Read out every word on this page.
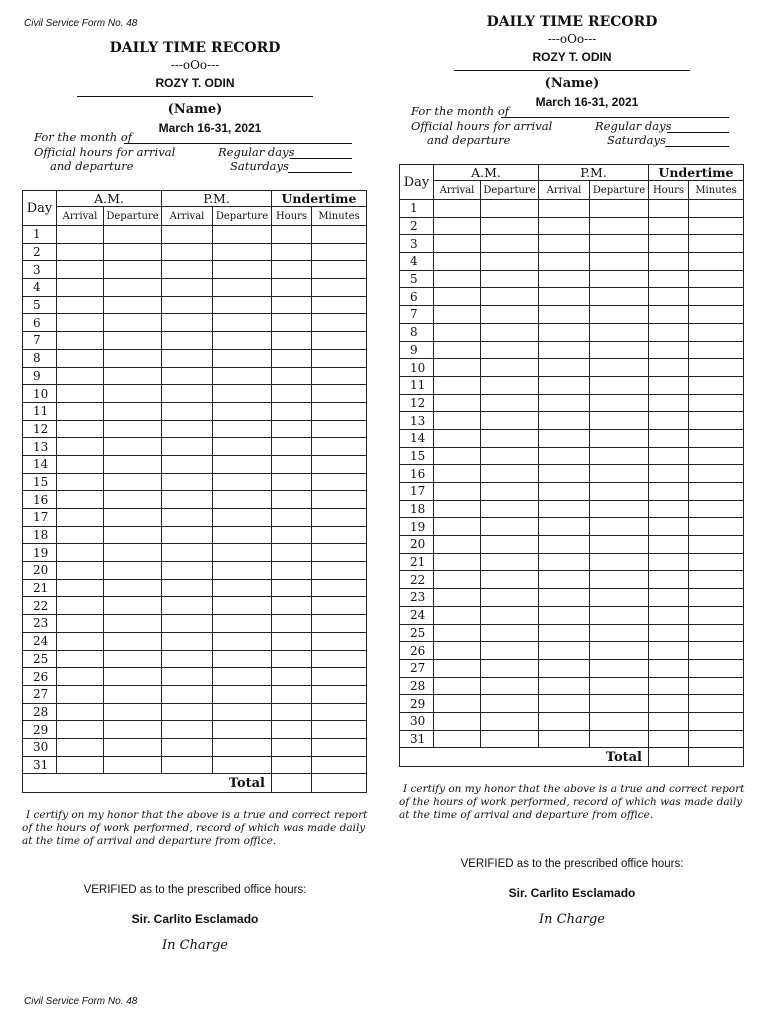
Civil Service Form No. 48
Civil Service Form No. 48
DAILY TIME RECORD
---oOo---
ROZY T. ODIN
(Name)
March 16-31, 2021
For the month of
Official hours for arrival
and departure
Regular days
Saturdays
Day	A.M.		P.M.		Undertime	
	Arrival	Departure	Arrival	Departure	Hours	Minutes
1						
2						
3						
4						
5						
6						
7						
8						
9						
10						
11						
12						
13						
14						
15						
16						
17						
18						
19						
20						
21						
22						
23						
24						
25						
26						
27						
28						
29						
30						
31						
Total						
I certify on my honor that the above is a true and correct report of the hours of work performed, record of which was made daily at the time of arrival and departure from office.
VERIFIED as to the prescribed office hours:
Sir. Carlito Esclamado
In Charge
DAILY TIME RECORD
---oOo---
ROZY T. ODIN
(Name)
March 16-31, 2021
For the month of
Official hours for arrival
and departure
Regular days
Saturdays
Day	A.M.		P.M.		Undertime	
	Arrival	Departure	Arrival	Departure	Hours	Minutes
1						
2						
3						
4						
5						
6						
7						
8						
9						
10						
11						
12						
13						
14						
15						
16						
17						
18						
19						
20						
21						
22						
23						
24						
25						
26						
27						
28						
29						
30						
31						
Total						
I certify on my honor that the above is a true and correct report of the hours of work performed, record of which was made daily at the time of arrival and departure from office.
VERIFIED as to the prescribed office hours:
Sir. Carlito Esclamado
In Charge
